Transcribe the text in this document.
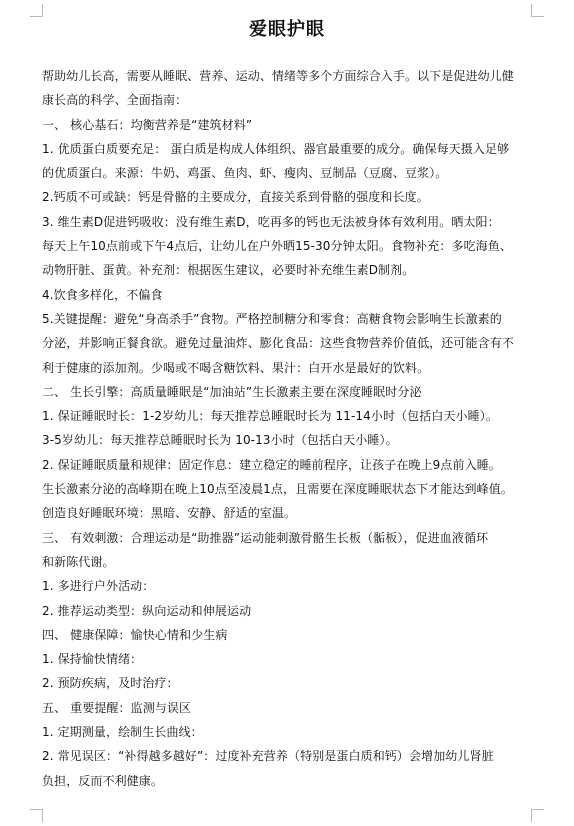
爱眼护眼

帮助幼儿长高，需要从睡眠、营养、运动、情绪等多个方面综合入手。以下是促进幼儿健

康长高的科学、全面指南：

一、 核心基石：均衡营养是“建筑材料”

1. 优质蛋白质要充足： 蛋白质是构成人体组织、器官最重要的成分。确保每天摄入足够

的优质蛋白。来源：牛奶、鸡蛋、鱼肉、虾、瘦肉、豆制品（豆腐、豆浆）。

2.钙质不可或缺：钙是骨骼的主要成分，直接关系到骨骼的强度和长度。

3. 维生素D促进钙吸收：没有维生素D，吃再多的钙也无法被身体有效利用。晒太阳：

每天上午10点前或下午4点后，让幼儿在户外晒15-30分钟太阳。食物补充：多吃海鱼、

动物肝脏、蛋黄。补充剂：根据医生建议，必要时补充维生素D制剂。

4.饮食多样化，不偏食

5.关键提醒：避免“身高杀手”食物。严格控制糖分和零食：高糖食物会影响生长激素的

分泌，并影响正餐食欲。避免过量油炸、膨化食品：这些食物营养价值低，还可能含有不

利于健康的添加剂。少喝或不喝含糖饮料、果汁：白开水是最好的饮料。

二、 生长引擎：高质量睡眠是“加油站”生长激素主要在深度睡眠时分泌

1. 保证睡眠时长：1-2岁幼儿：每天推荐总睡眠时长为 11-14小时（包括白天小睡）。

3-5岁幼儿：每天推荐总睡眠时长为 10-13小时（包括白天小睡）。

2. 保证睡眠质量和规律：固定作息：建立稳定的睡前程序，让孩子在晚上9点前入睡。

生长激素分泌的高峰期在晚上10点至凌晨1点，且需要在深度睡眠状态下才能达到峰值。

创造良好睡眠环境：黑暗、安静、舒适的室温。

三、 有效刺激：合理运动是“助推器”运动能刺激骨骼生长板（骺板），促进血液循环

和新陈代谢。

1. 多进行户外活动：

2. 推荐运动类型：纵向运动和伸展运动

四、 健康保障：愉快心情和少生病

1. 保持愉快情绪：

2. 预防疾病，及时治疗：

五、 重要提醒：监测与误区

1. 定期测量，绘制生长曲线：

2. 常见误区：“补得越多越好”：过度补充营养（特别是蛋白质和钙）会增加幼儿肾脏

负担，反而不利健康。
